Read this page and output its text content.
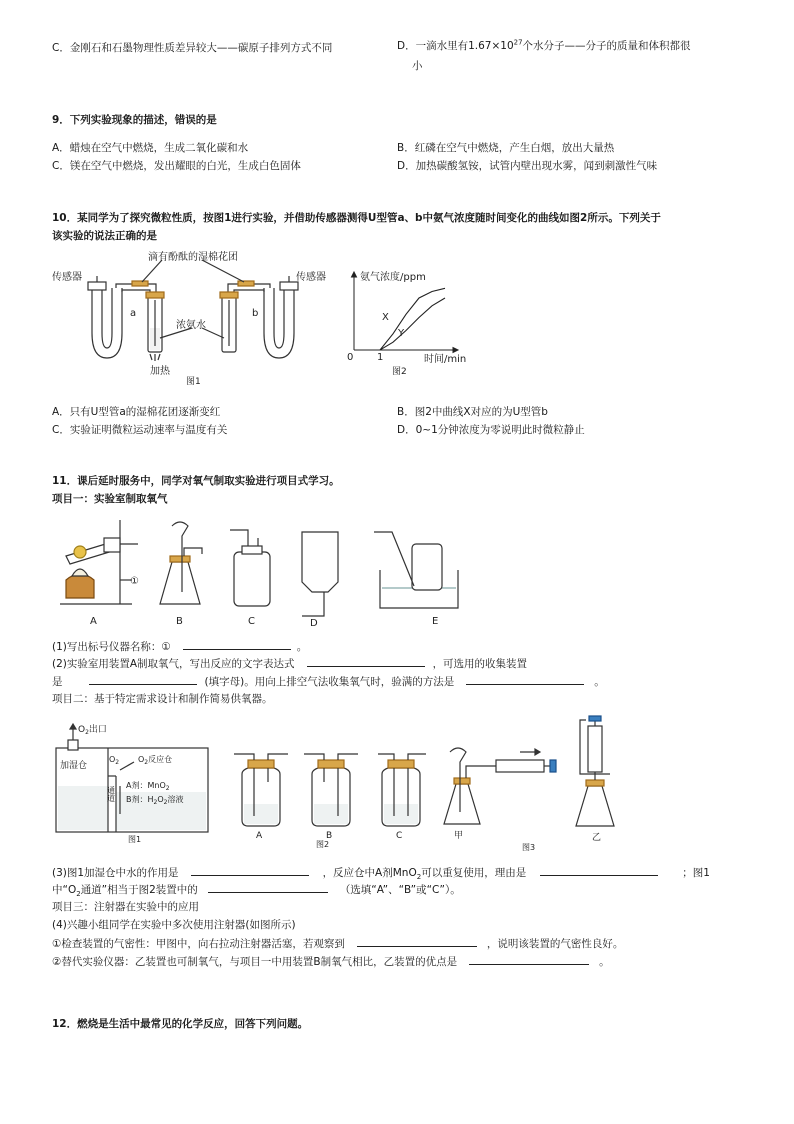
C．金刚石和石墨物理性质差异较大——碳原子排列方式不同	D．一滴水里有$1.67\times 10^{27}$个水分子——分子的质量和体积都很
小
9．下列实验现象的描述，错误的是
A．蜡烛在空气中燃烧，生成二氧化碳和水	B．红磷在空气中燃烧，产生白烟，放出大量热
C．镁在空气中燃烧，发出耀眼的白光，生成白色固体	D．加热碳酸氢铵，试管内壁出现水雾，闻到刺激性气味
10．某同学为了探究微粒性质，按图1进行实验，并借助传感器测得U型管a、b中氨气浓度随时间变化的曲线如图2所示。下列关于
该实验的说法正确的是
滴有酚酞的湿棉花团
传感器	传感器
a	b
浓氨水
加热
图1
氨气浓度/ppm
时间/min
0 1
X
Y
图2
A．只有U型管a的湿棉花团逐渐变红	B．图2中曲线X对应的为U型管b
C．实验证明微粒运动速率与温度有关	D．0~1分钟浓度为零说明此时微粒静止
11．课后延时服务中，同学对氧气制取实验进行项目式学习。
项目一：实验室制取氧气
①
A	B	C	D	E
(1)写出标号仪器名称：①	。
(2)实验室用装置A制取氧气，写出反应的文字表达式	，可选用的收集装置
是	(填字母)。用向上排空气法收集氧气时，验满的方法是	。
项目二：基于特定需求设计和制作简易供氧器。
$O_2$出口
加湿仓
$O_2$ $O_2$反应仓
通道
A剂：MnO$_2$
B剂：$H_2O_2$溶液
图1	A	B	C
图2
甲	乙
图3
(3)图1加湿仓中水的作用是	，反应仓中A剂MnO$_2$可以重复使用，理由是	；图1
中“$O_2$通道”相当于图2装置中的	（选填“A”、“B”或“C”）。
项目三：注射器在实验中的应用
(4)兴趣小组同学在实验中多次使用注射器(如图所示)
①检查装置的气密性：甲图中，向右拉动注射器活塞，若观察到	，说明该装置的气密性良好。
②替代实验仪器：乙装置也可制氧气，与项目一中用装置B制氧气相比，乙装置的优点是	。
12．燃烧是生活中最常见的化学反应，回答下列问题。
